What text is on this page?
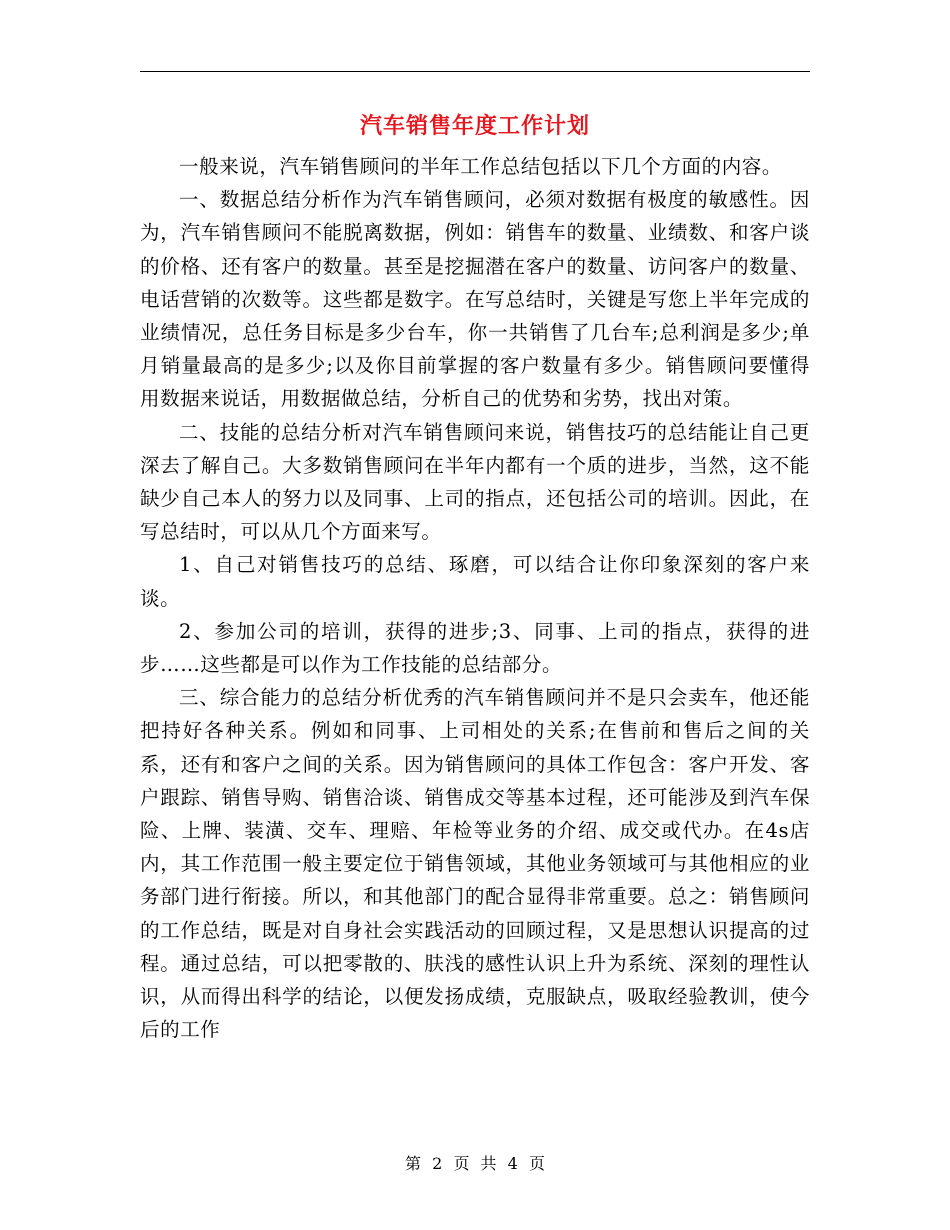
汽车销售年度工作计划

一般来说，汽车销售顾问的半年工作总结包括以下几个方面的内容。

一、数据总结分析作为汽车销售顾问，必须对数据有极度的敏感性。因为，汽车销售顾问不能脱离数据，例如：销售车的数量、业绩数、和客户谈的价格、还有客户的数量。甚至是挖掘潜在客户的数量、访问客户的数量、电话营销的次数等。这些都是数字。在写总结时，关键是写您上半年完成的业绩情况，总任务目标是多少台车，你一共销售了几台车;总利润是多少;单月销量最高的是多少;以及你目前掌握的客户数量有多少。销售顾问要懂得用数据来说话，用数据做总结，分析自己的优势和劣势，找出对策。

二、技能的总结分析对汽车销售顾问来说，销售技巧的总结能让自己更深去了解自己。大多数销售顾问在半年内都有一个质的进步，当然，这不能缺少自己本人的努力以及同事、上司的指点，还包括公司的培训。因此，在写总结时，可以从几个方面来写。

1、自己对销售技巧的总结、琢磨，可以结合让你印象深刻的客户来谈。

2、参加公司的培训，获得的进步;3、同事、上司的指点，获得的进步……这些都是可以作为工作技能的总结部分。

三、综合能力的总结分析优秀的汽车销售顾问并不是只会卖车，他还能把持好各种关系。例如和同事、上司相处的关系;在售前和售后之间的关系，还有和客户之间的关系。因为销售顾问的具体工作包含：客户开发、客户跟踪、销售导购、销售洽谈、销售成交等基本过程，还可能涉及到汽车保险、上牌、装潢、交车、理赔、年检等业务的介绍、成交或代办。在4s店内，其工作范围一般主要定位于销售领域，其他业务领域可与其他相应的业务部门进行衔接。所以，和其他部门的配合显得非常重要。总之：销售顾问的工作总结，既是对自身社会实践活动的回顾过程，又是思想认识提高的过程。通过总结，可以把零散的、肤浅的感性认识上升为系统、深刻的理性认识，从而得出科学的结论，以便发扬成绩，克服缺点，吸取经验教训，使今后的工作

第 2 页 共 4 页
